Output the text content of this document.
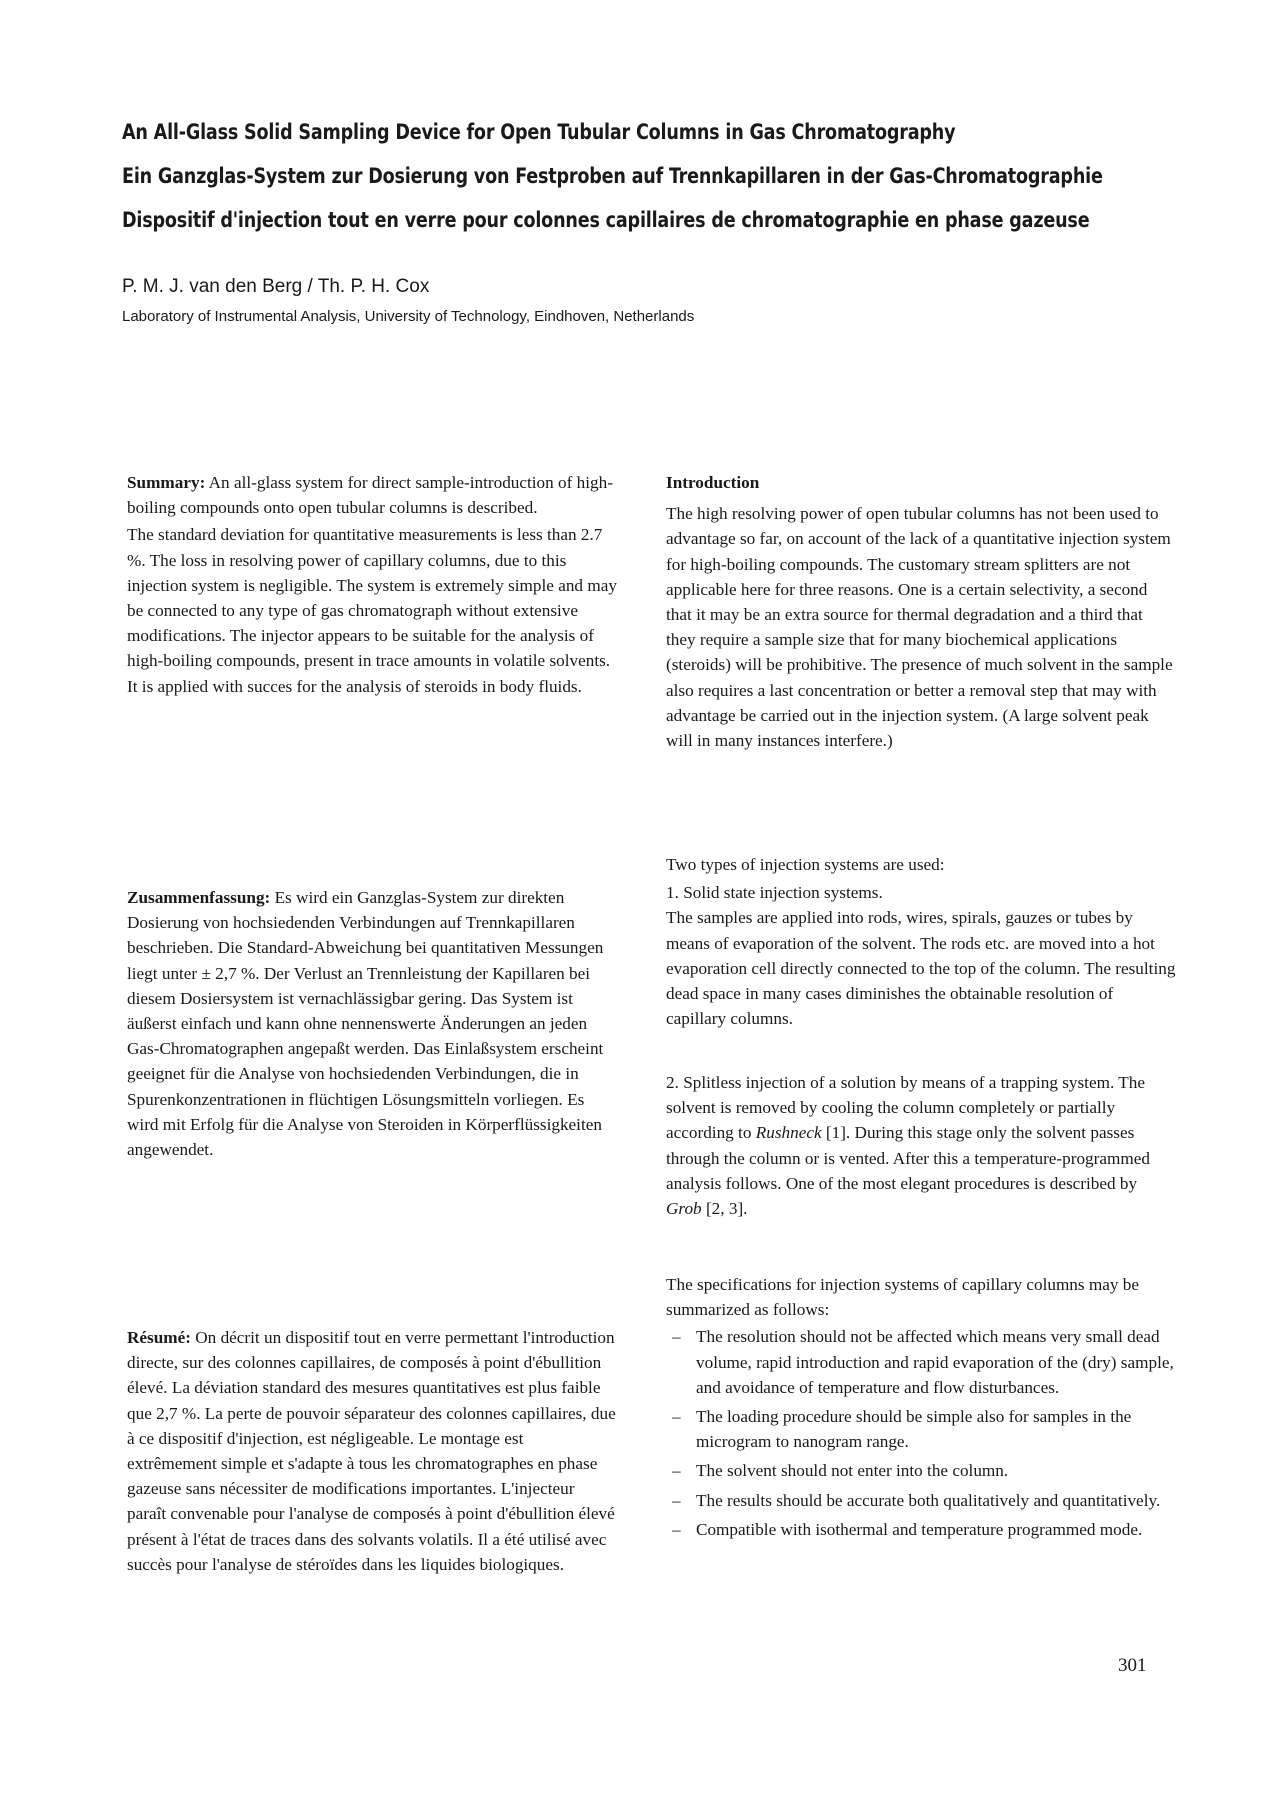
An All-Glass Solid Sampling Device for Open Tubular Columns in Gas Chromatography
Ein Ganzglas-System zur Dosierung von Festproben auf Trennkapillaren in der Gas-Chromatographie
Dispositif d'injection tout en verre pour colonnes capillaires de chromatographie en phase gazeuse
P. M. J. van den Berg / Th. P. H. Cox
Laboratory of Instrumental Analysis, University of Technology, Eindhoven, Netherlands

Summary: An all-glass system for direct sample-introduction of high-boiling compounds onto open tubular columns is described.

The standard deviation for quantitative measurements is less than 2.7 %. The loss in resolving power of capillary columns, due to this injection system is negligible. The system is extremely simple and may be connected to any type of gas chromatograph without extensive modifications. The injector appears to be suitable for the analysis of high-boiling compounds, present in trace amounts in volatile solvents. It is applied with succes for the analysis of steroids in body fluids.

Zusammenfassung: Es wird ein Ganzglas-System zur direkten Dosierung von hochsiedenden Verbindungen auf Trennkapillaren beschrieben. Die Standard-Abweichung bei quantitativen Messungen liegt unter ± 2,7 %. Der Verlust an Trennleistung der Kapillaren bei diesem Dosiersystem ist vernachlässigbar gering. Das System ist äußerst einfach und kann ohne nennenswerte Änderungen an jeden Gas-Chromatographen angepaßt werden. Das Einlaßsystem erscheint geeignet für die Analyse von hochsiedenden Verbindungen, die in Spurenkonzentrationen in flüchtigen Lösungsmitteln vorliegen. Es wird mit Erfolg für die Analyse von Steroiden in Körperflüssigkeiten angewendet.

Résumé: On décrit un dispositif tout en verre permettant l'introduction directe, sur des colonnes capillaires, de composés à point d'ébullition élevé. La déviation standard des mesures quantitatives est plus faible que 2,7 %. La perte de pouvoir séparateur des colonnes capillaires, due à ce dispositif d'injection, est négligeable. Le montage est extrêmement simple et s'adapte à tous les chromatographes en phase gazeuse sans nécessiter de modifications importantes. L'injecteur paraît convenable pour l'analyse de composés à point d'ébullition élevé présent à l'état de traces dans des solvants volatils. Il a été utilisé avec succès pour l'analyse de stéroïdes dans les liquides biologiques.

Introduction

The high resolving power of open tubular columns has not been used to advantage so far, on account of the lack of a quantitative injection system for high-boiling compounds. The customary stream splitters are not applicable here for three reasons. One is a certain selectivity, a second that it may be an extra source for thermal degradation and a third that they require a sample size that for many biochemical applications (steroids) will be prohibitive. The presence of much solvent in the sample also requires a last concentration or better a removal step that may with advantage be carried out in the injection system. (A large solvent peak will in many instances interfere.)

Two types of injection systems are used:

1. Solid state injection systems.

The samples are applied into rods, wires, spirals, gauzes or tubes by means of evaporation of the solvent. The rods etc. are moved into a hot evaporation cell directly connected to the top of the column. The resulting dead space in many cases diminishes the obtainable resolution of capillary columns.

2. Splitless injection of a solution by means of a trapping system. The solvent is removed by cooling the column completely or partially according to Rushneck [1]. During this stage only the solvent passes through the column or is vented. After this a temperature-programmed analysis follows. One of the most elegant procedures is described by Grob [2, 3].

The specifications for injection systems of capillary columns may be summarized as follows:

– The resolution should not be affected which means very small dead volume, rapid introduction and rapid evaporation of the (dry) sample, and avoidance of temperature and flow disturbances.
– The loading procedure should be simple also for samples in the microgram to nanogram range.
– The solvent should not enter into the column.
– The results should be accurate both qualitatively and quantitatively.
– Compatible with isothermal and temperature programmed mode.
301
